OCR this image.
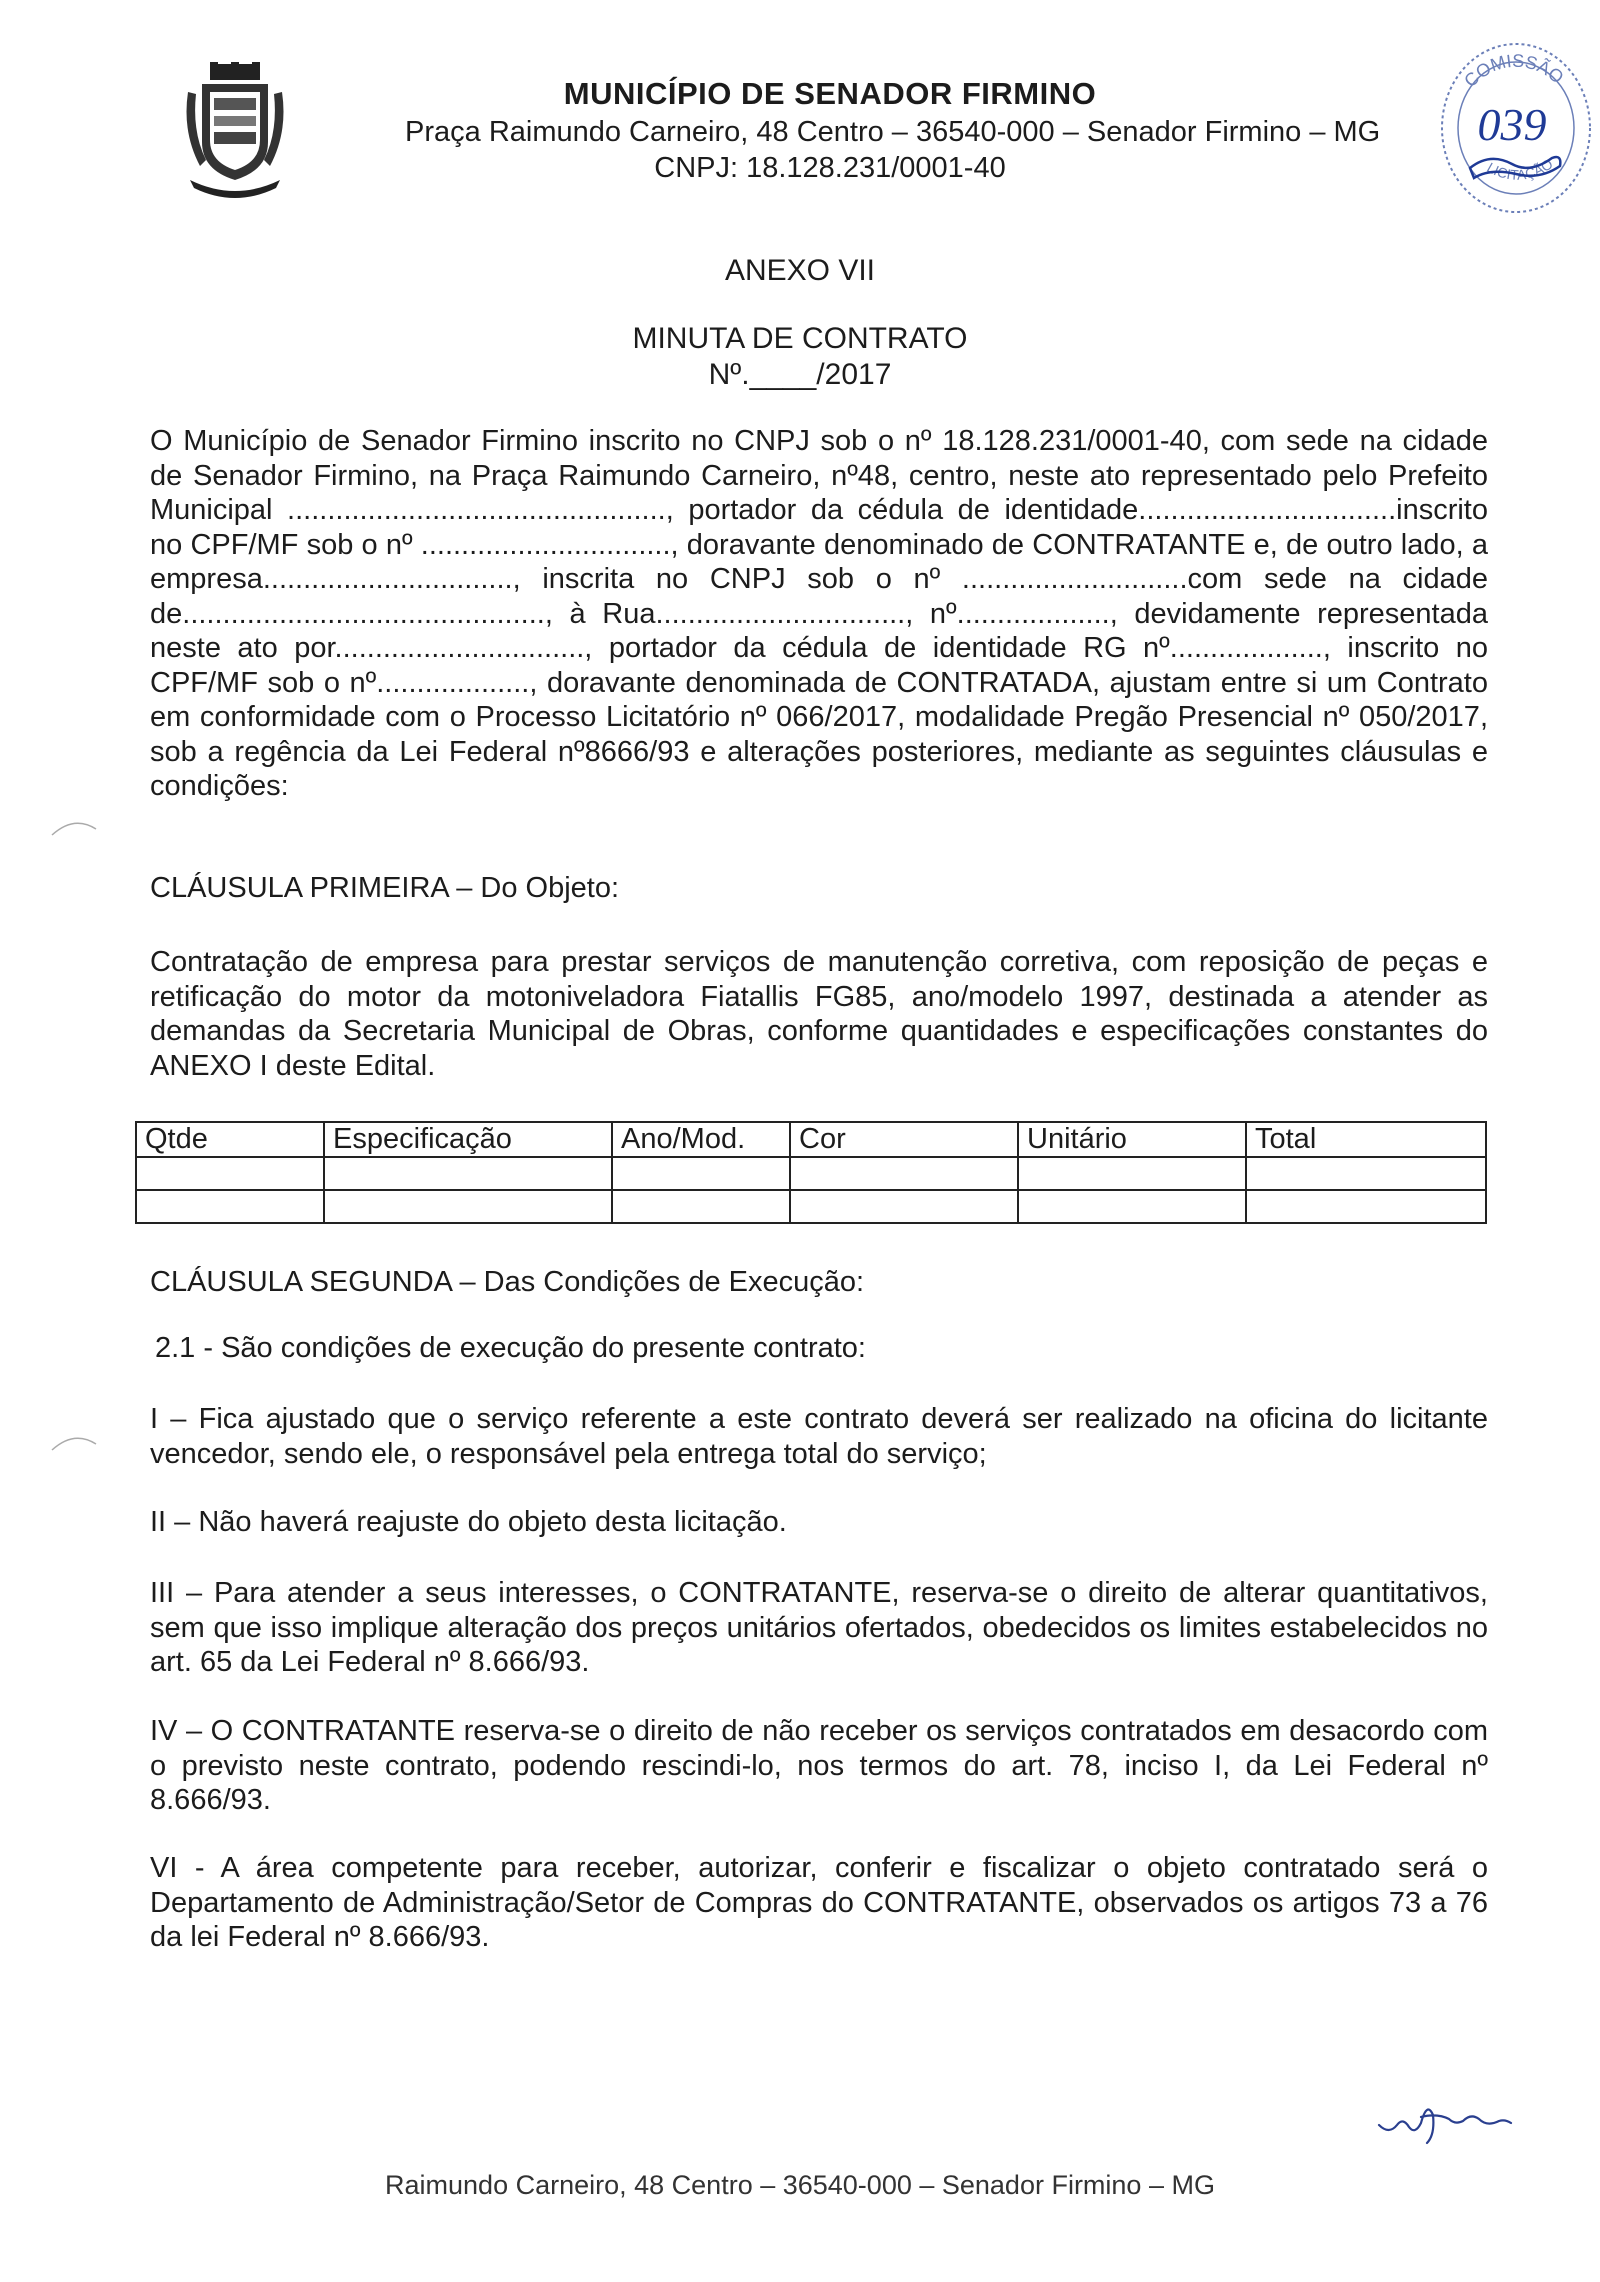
MUNICÍPIO DE SENADOR FIRMINO
Praça Raimundo Carneiro, 48 Centro – 36540-000 – Senador Firmino – MG
CNPJ: 18.128.231/0001-40
COMISSÃO
039
LICITAÇÃO
ANEXO VII
MINUTA DE CONTRATO
Nº.____/2017
O Município de Senador Firmino inscrito no CNPJ sob o nº 18.128.231/0001-40, com sede na cidade de Senador Firmino, na Praça Raimundo Carneiro, nº48, centro, neste ato representado pelo Prefeito Municipal ..............................................., portador da cédula de identidade................................inscrito no CPF/MF sob o nº ..............................., doravante denominado de CONTRATANTE e, de outro lado, a empresa..............................., inscrita no CNPJ sob o nº ............................com sede na cidade de............................................., à Rua..............................., nº..................., devidamente representada neste ato por..............................., portador da cédula de identidade RG nº..................., inscrito no CPF/MF sob o nº..................., doravante denominada de CONTRATADA, ajustam entre si um Contrato em conformidade com o Processo Licitatório nº 066/2017, modalidade Pregão Presencial nº 050/2017, sob a regência da Lei Federal nº8666/93 e alterações posteriores, mediante as seguintes cláusulas e condições:
CLÁUSULA PRIMEIRA – Do Objeto:
Contratação de empresa para prestar serviços de manutenção corretiva, com reposição de peças e retificação do motor da motoniveladora Fiatallis FG85, ano/modelo 1997, destinada a atender as demandas da Secretaria Municipal de Obras, conforme quantidades e especificações constantes do ANEXO I deste Edital.
Qtde	Especificação	Ano/Mod.	Cor	Unitário	Total

CLÁUSULA SEGUNDA – Das Condições de Execução:
2.1 - São condições de execução do presente contrato:
I – Fica ajustado que o serviço referente a este contrato deverá ser realizado na oficina do licitante vencedor, sendo ele, o responsável pela entrega total do serviço;
II – Não haverá reajuste do objeto desta licitação.
III – Para atender a seus interesses, o CONTRATANTE, reserva-se o direito de alterar quantitativos, sem que isso implique alteração dos preços unitários ofertados, obedecidos os limites estabelecidos no art. 65 da Lei Federal nº 8.666/93.
IV – O CONTRATANTE reserva-se o direito de não receber os serviços contratados em desacordo com o previsto neste contrato, podendo rescindi-lo, nos termos do art. 78, inciso I, da Lei Federal nº 8.666/93.
VI - A área competente para receber, autorizar, conferir e fiscalizar o objeto contratado será o Departamento de Administração/Setor de Compras do CONTRATANTE, observados os artigos 73 a 76 da lei Federal nº 8.666/93.
Raimundo Carneiro, 48 Centro – 36540-000 – Senador Firmino – MG
